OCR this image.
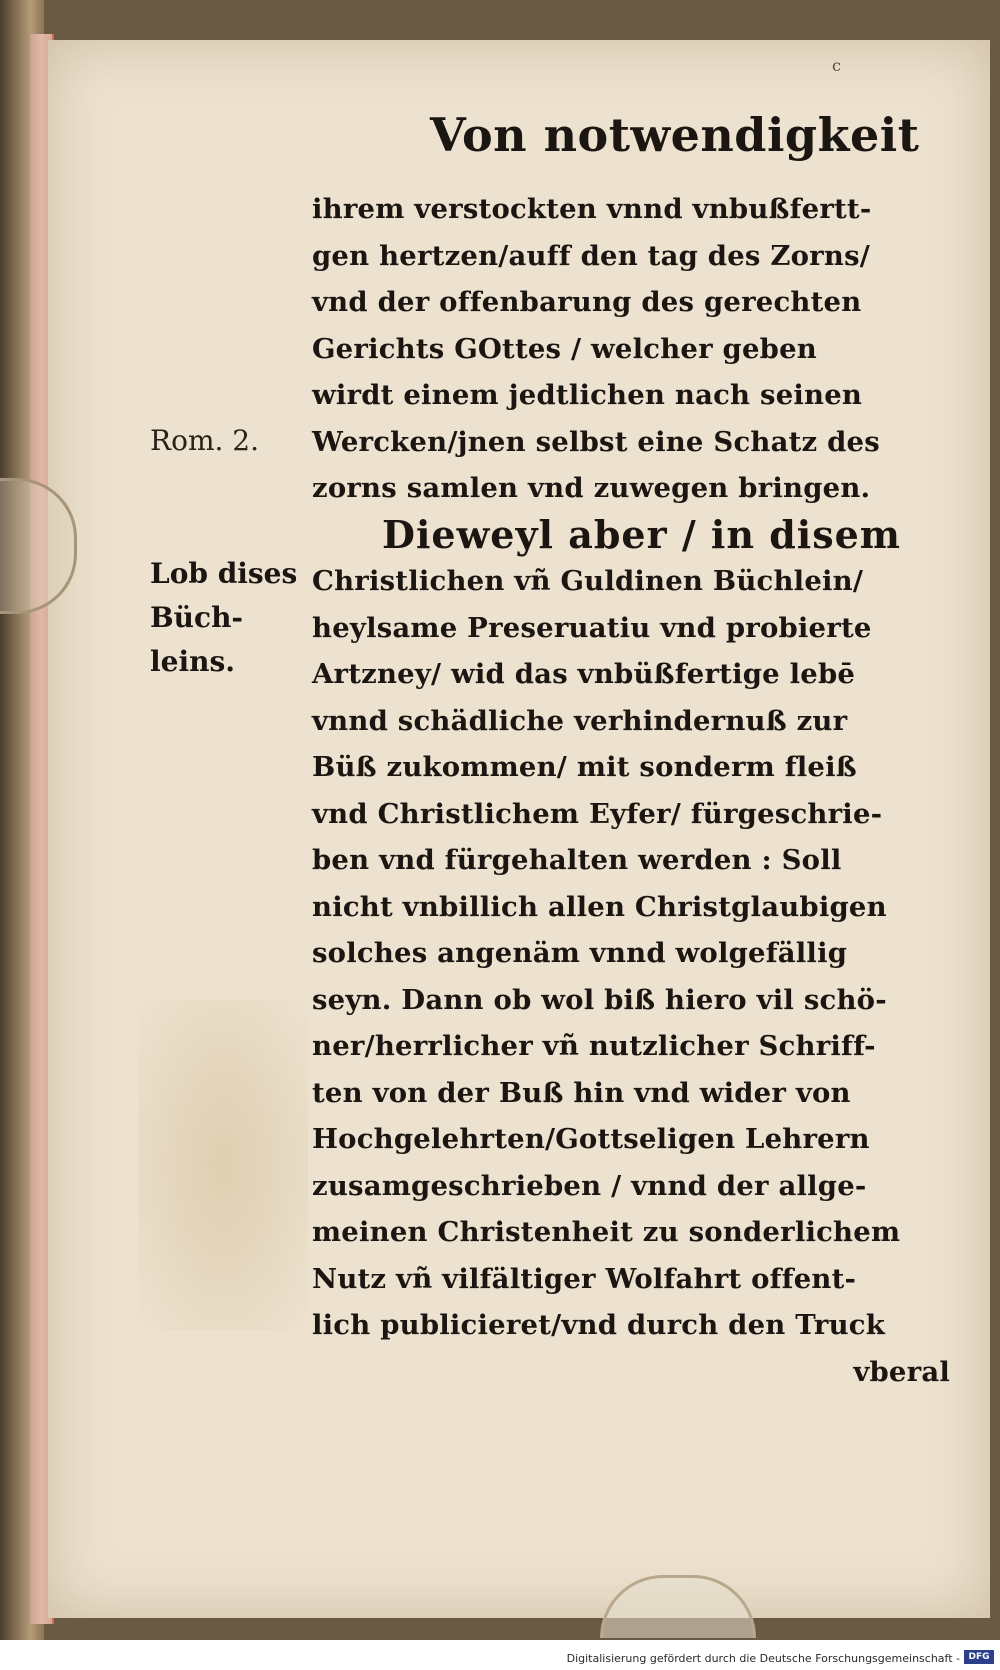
c
Von notwendigkeit
Rom. 2.
Lob dises
Büch-
leins.
ihrem verstockten vnnd vnbußfertt-
gen hertzen/auff den tag des Zorns/
vnd der offenbarung des gerechten
Gerichts GOttes / welcher geben
wirdt einem jedtlichen nach seinen
Wercken/jnen selbst eine Schatz des
zorns samlen vnd zuwegen bringen.
Dieweyl aber / in disem
Christlichen vñ Guldinen Büchlein/
heylsame Preseruatiu vnd probierte
Artzney/ wid das vnbüßfertige lebē
vnnd schädliche verhindernuß zur
Büß zukommen/ mit sonderm fleiß
vnd Christlichem Eyfer/ fürgeschrie-
ben vnd fürgehalten werden : Soll
nicht vnbillich allen Christglaubigen
solches angenäm vnnd wolgefällig
seyn. Dann ob wol biß hiero vil schö-
ner/herrlicher vñ nutzlicher Schriff-
ten von der Buß hin vnd wider von
Hochgelehrten/Gottseligen Lehrern
zusamgeschrieben / vnnd der allge-
meinen Christenheit zu sonderlichem
Nutz vñ vilfältiger Wolfahrt offent-
lich publicieret/vnd durch den Truck
vberal
Digitalisierung gefördert durch die Deutsche Forschungsgemeinschaft - DFG
